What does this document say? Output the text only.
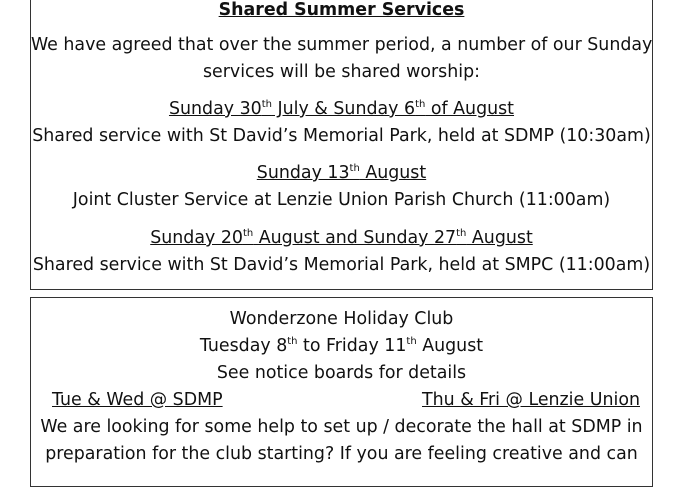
Shared Summer Services
We have agreed that over the summer period, a number of our Sunday
services will be shared worship:
Sunday 30th July & Sunday 6th of August
Shared service with St David’s Memorial Park, held at SDMP (10:30am)
Sunday 13th August
Joint Cluster Service at Lenzie Union Parish Church (11:00am)
Sunday 20th August and Sunday 27th August
Shared service with St David’s Memorial Park, held at SMPC (11:00am)
Wonderzone Holiday Club
Tuesday 8th to Friday 11th August
See notice boards for details
Tue & Wed @ SDMP	Thu & Fri @ Lenzie Union
We are looking for some help to set up / decorate the hall at SDMP in
preparation for the club starting? If you are feeling creative and can
